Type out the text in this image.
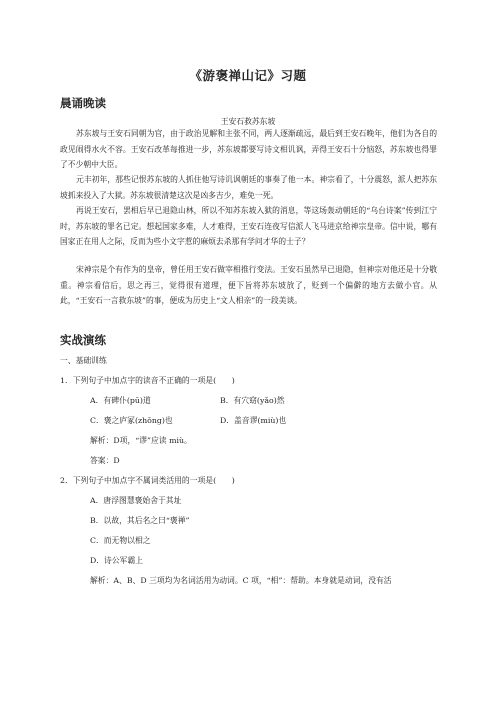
《游褒禅山记》习题
晨诵晚读
王安石救苏东坡

苏东坡与王安石同朝为官，由于政治见解和主张不同，两人逐渐疏远，最后到王安石晚年，他们为各自的政见闹得水火不容。王安石改革每推进一步，苏东坡都要写诗文相讥讽，弄得王安石十分恼怒，苏东坡也得罪了不少朝中大臣。

元丰初年，那些记恨苏东坡的人抓住他写诗讥讽朝廷的事奏了他一本。神宗看了，十分震怒，派人把苏东坡抓来投入了大狱。苏东坡很清楚这次是凶多吉少，难免一死。

再说王安石，罢相后早已退隐山林，所以不知苏东坡入狱的消息，等这场轰动朝廷的“乌台诗案”传到江宁时，苏东坡的罪名已定。想起国家多难，人才难得，王安石连夜写信派人飞马进京给神宗皇帝。信中说，哪有国家正在用人之际，反而为些小文字惹的麻烦去杀那有学问才华的士子？

宋神宗是个有作为的皇帝，曾任用王安石做宰相推行变法。王安石虽然早已退隐，但神宗对他还是十分敬重。神宗看信后，思之再三，觉得很有道理，便下旨将苏东坡放了，贬到一个偏僻的地方去做小官。从此，“王安石一言救东坡”的事，便成为历史上“文人相亲”的一段美谈。

实战演练
一、基础训练
1．下列句子中加点字的读音不正确的一项是(　　)
A．有碑仆(pū)道	B．有穴窈(yǎo)然
C．褒之庐冢(zhǒng)也	D．盖音谬(miù)也
解析：D项，“谬”应读 miù。
答案：D
2．下列句子中加点字不属词类活用的一项是(　　)
A．唐浮图慧褒始舍于其址
B．以故，其后名之曰“褒禅”
C．而无物以相之
D．诗公军霸上
解析：A、B、D 三项均为名词活用为动词。C 项，“相”：帮助。本身就是动词，没有活
